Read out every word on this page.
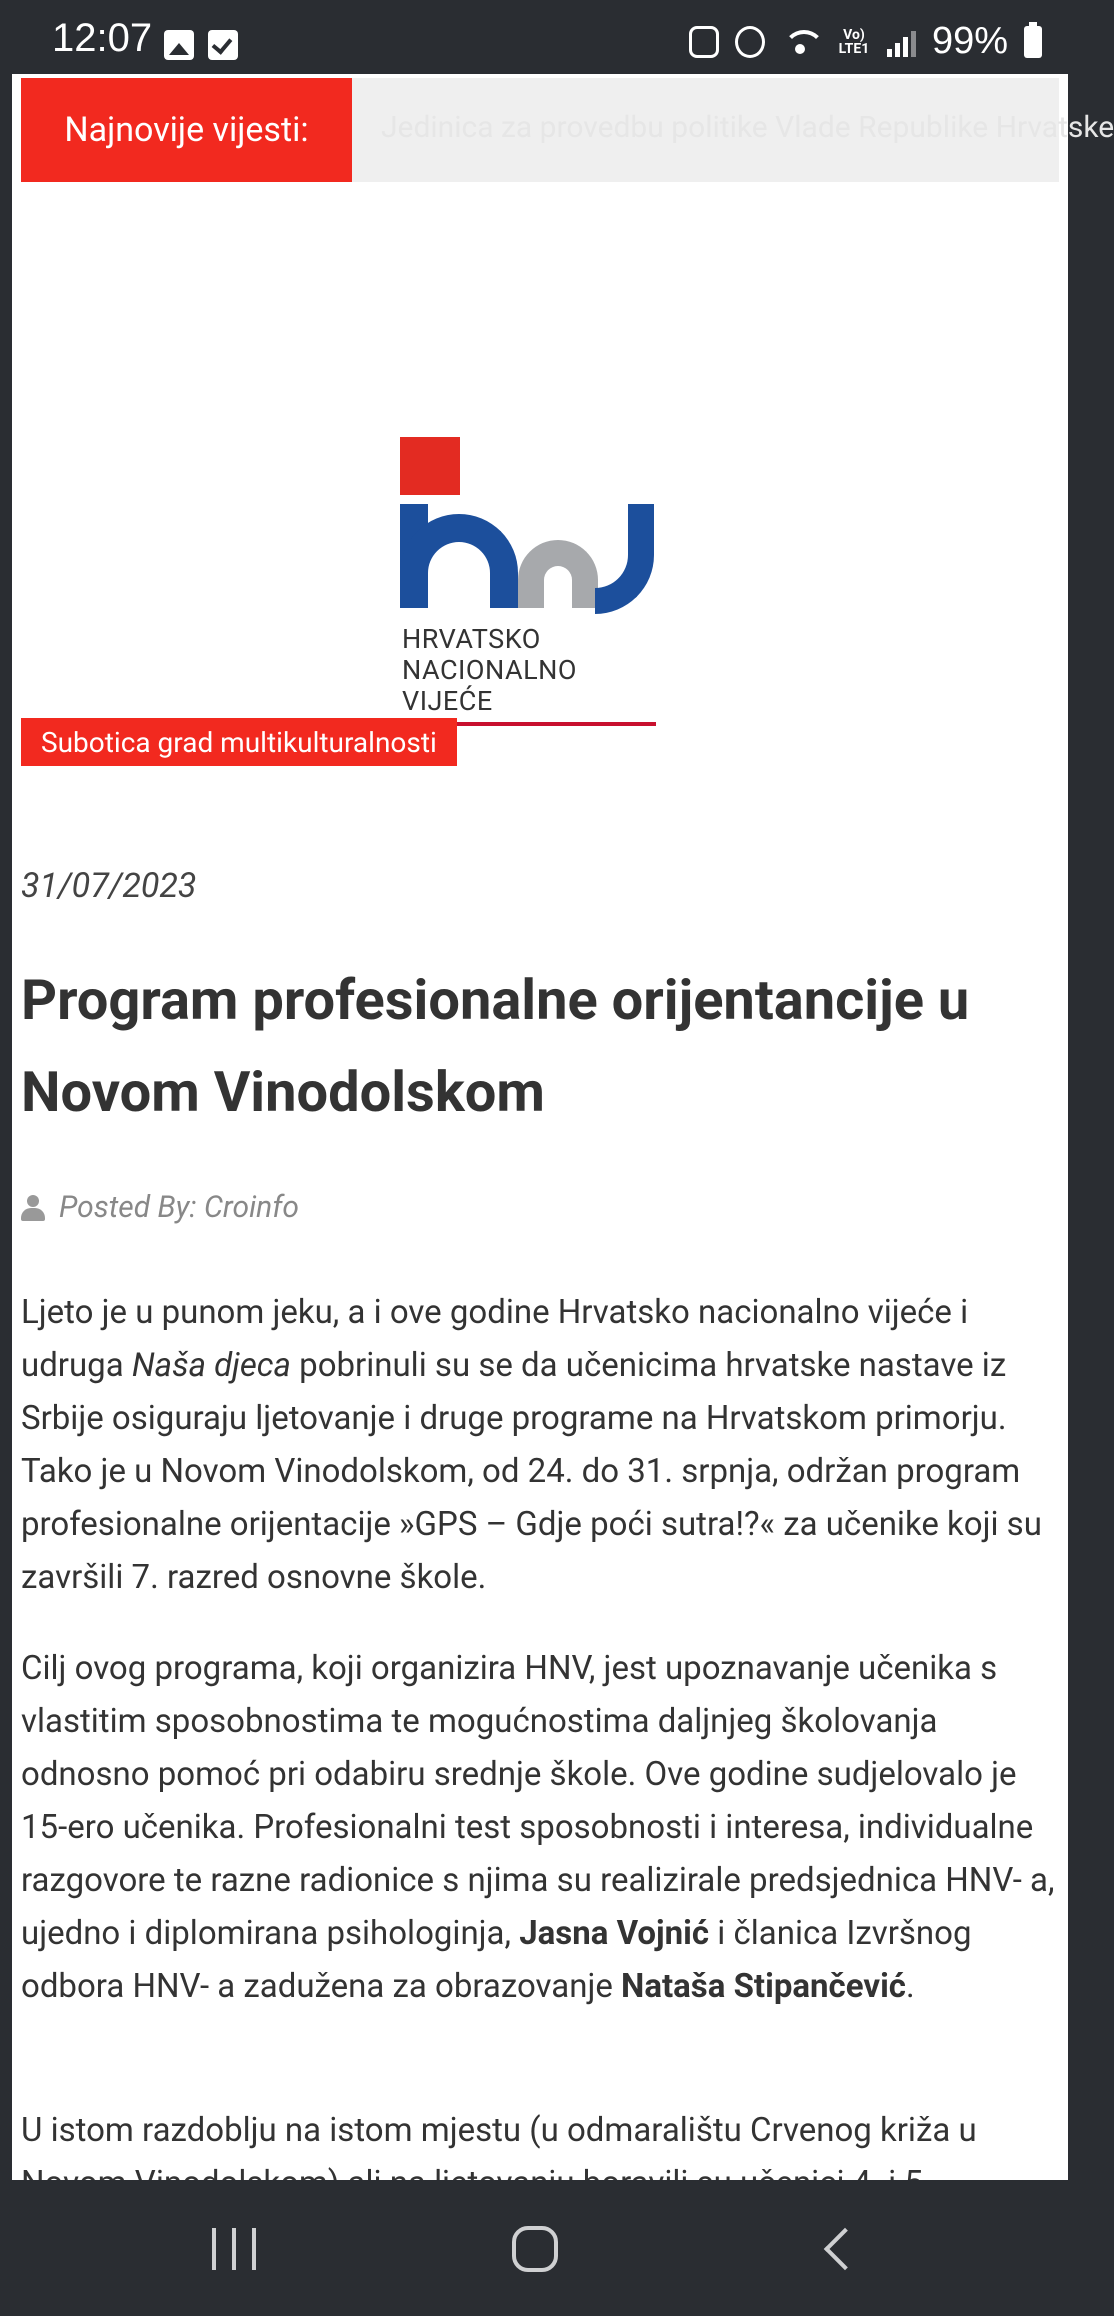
12:07	Vo) LTE1 99%
Najnovije vijesti:	Jedinica za provedbu politike Vlade Republike Hrvatske
HRVATSKO
NACIONALNO
VIJEĆE
Subotica grad multikulturalnosti
31/07/2023
Program profesionalne orijentancije u Novom Vinodolskom
Posted By: Croinfo

Ljeto je u punom jeku, a i ove godine Hrvatsko nacionalno vijeće i udruga Naša djeca pobrinuli su se da učenicima hrvatske nastave iz Srbije osiguraju ljetovanje i druge programe na Hrvatskom primorju. Tako je u Novom Vinodolskom, od 24. do 31. srpnja, održan program profesionalne orijentacije »GPS – Gdje poći sutra!?« za učenike koji su završili 7. razred osnovne škole.

Cilj ovog programa, koji organizira HNV, jest upoznavanje učenika s vlastitim sposobnostima te mogućnostima daljnjeg školovanja odnosno pomoć pri odabiru srednje škole. Ove godine sudjelovalo je 15-ero učenika. Profesionalni test sposobnosti i interesa, individualne razgovore te razne radionice s njima su realizirale predsjednica HNV- a, ujedno i diplomirana psihologinja, Jasna Vojnić i članica Izvršnog odbora HNV- a zadužena za obrazovanje Nataša Stipančević.

U istom razdoblju na istom mjestu (u odmaralištu Crvenog križa u
